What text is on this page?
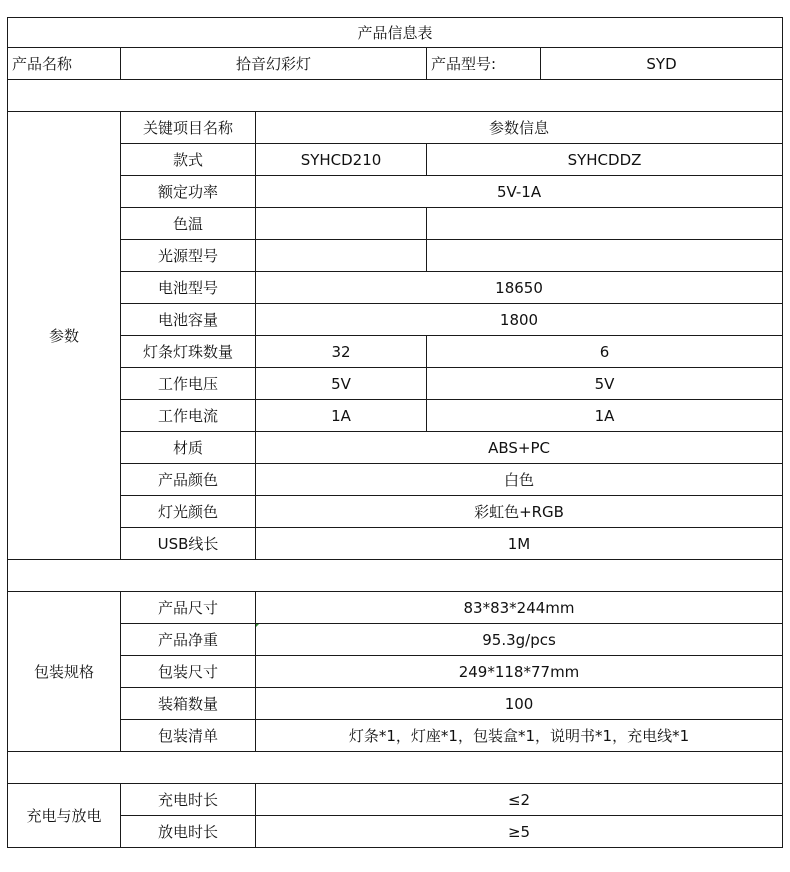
产品信息表					
产品名称	拾音幻彩灯		产品型号:	SYD	

参数	关键项目名称	参数信息			
	款式	SYHCD210	SYHCDDZ	
	额定功率	5V-1A			
	色温				
	光源型号				
	电池型号	18650			
	电池容量	1800			
	灯条灯珠数量	32	6	
	工作电压	5V	5V	
	工作电流	1A	1A	
	材质	ABS+PC			
	产品颜色	白色			
	灯光颜色	彩虹色+RGB			
	USB线长	1M			

包装规格	产品尺寸	83*83*244mm			
	产品净重	95.3g/pcs			
	包装尺寸	249*118*77mm			
	装箱数量	100			
	包装清单	灯条*1，灯座*1，包装盒*1，说明书*1，充电线*1			

充电与放电	充电时长	≤2			
	放电时长	≥5			
